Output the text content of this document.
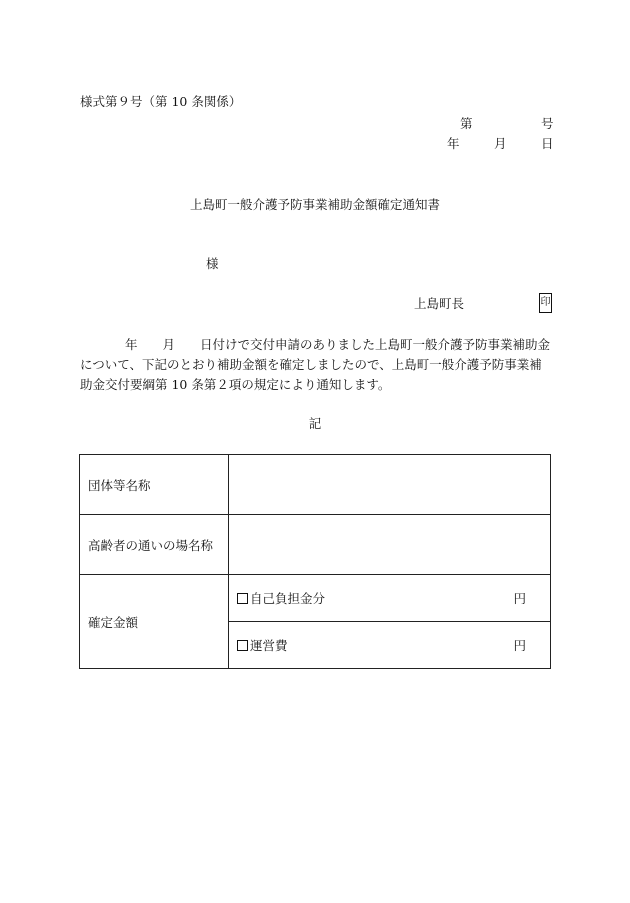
様式第９号（第 10 条関係）
第	号
年	月	日
上島町一般介護予防事業補助金額確定通知書
様
上島町長	印
年　　月　　日付けで交付申請のありました上島町一般介護予防事業補助金について、下記のとおり補助金額を確定しましたので、上島町一般介護予防事業補助金交付要綱第 10 条第２項の規定により通知します。
記
団体等名称	
高齢者の通いの場名称	
確定金額	自己負担金分 円

	運営費 円
